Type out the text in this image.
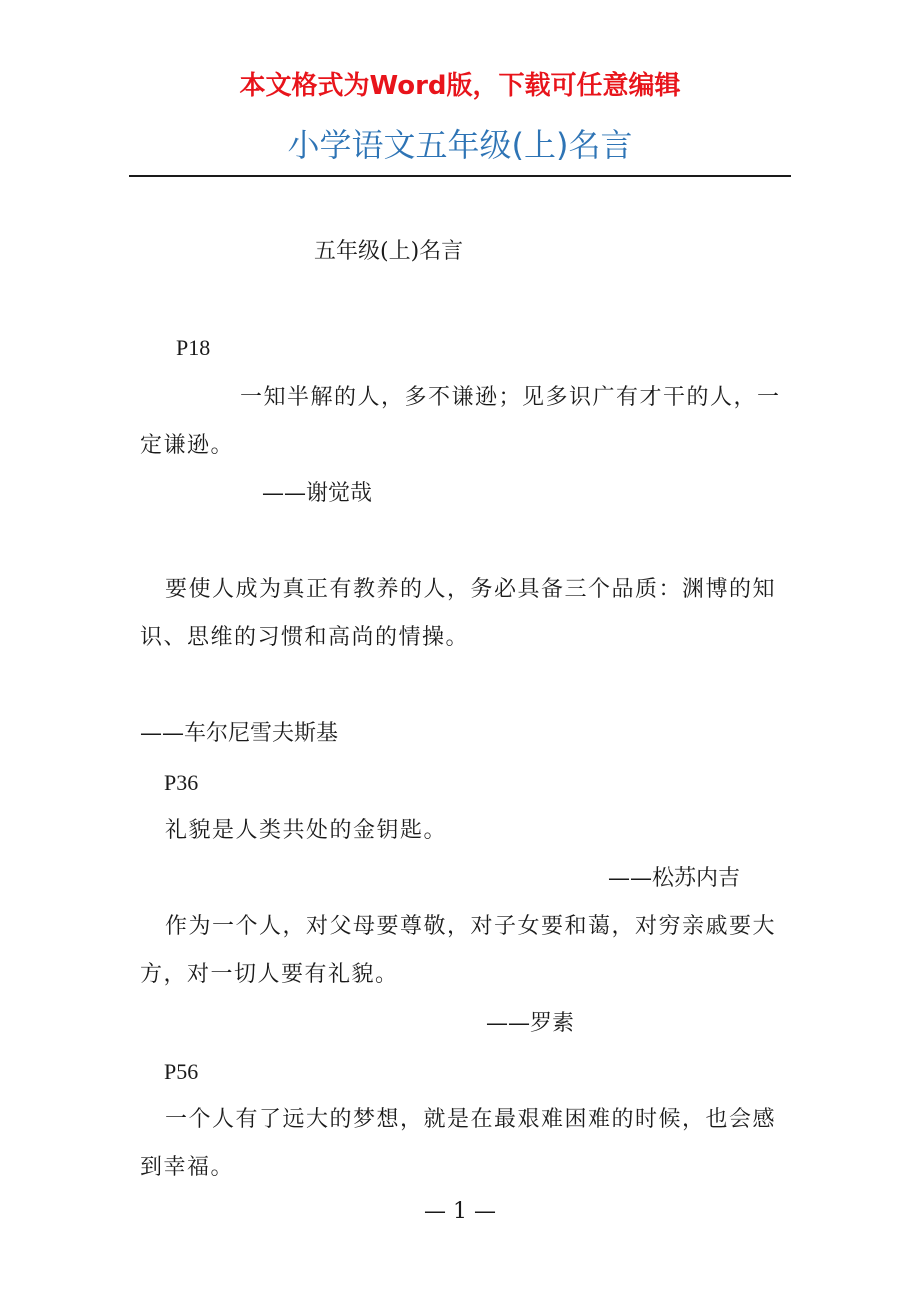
本文格式为Word版，下载可任意编辑
小学语文五年级(上)名言
五年级(上)名言
P18
一知半解的人，多不谦逊；见多识广有才干的人，一定谦逊。
——谢觉哉
要使人成为真正有教养的人，务必具备三个品质：渊博的知识、思维的习惯和高尚的情操。
——车尔尼雪夫斯基
P36
礼貌是人类共处的金钥匙。
——松苏内吉
作为一个人，对父母要尊敬，对子女要和蔼，对穷亲戚要大方，对一切人要有礼貌。
——罗素
P56
一个人有了远大的梦想，就是在最艰难困难的时候，也会感到幸福。
— 1 —
